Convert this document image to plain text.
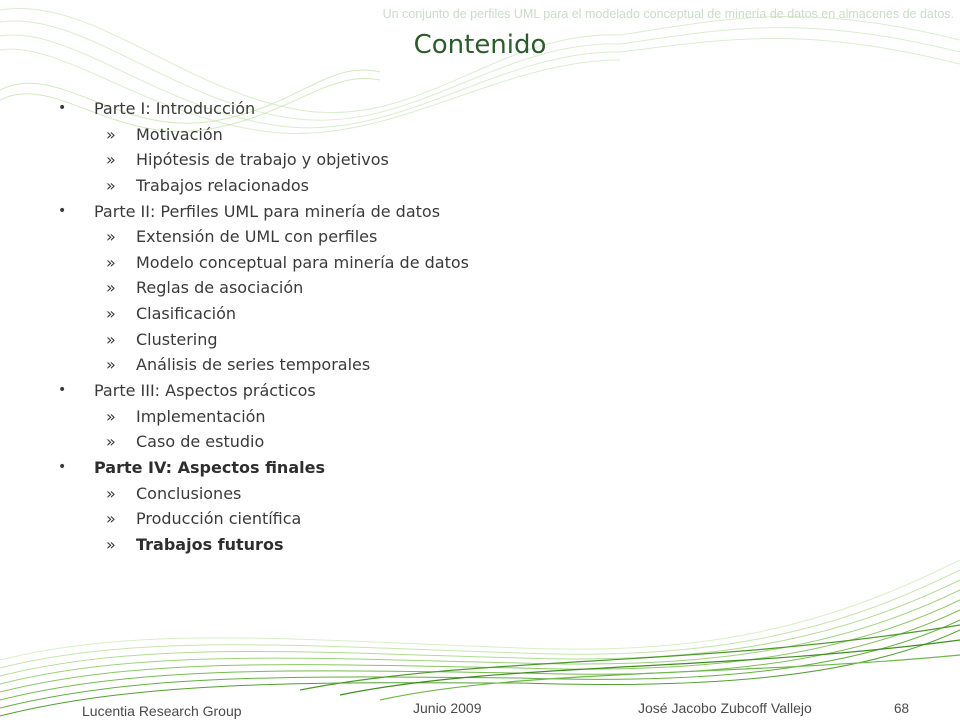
Un conjunto de perfiles UML para el modelado conceptual de minería de datos en almacenes de datos.
Contenido
• Parte I: Introducción
» Motivación
» Hipótesis de trabajo y objetivos
» Trabajos relacionados
• Parte II: Perfiles UML para minería de datos
» Extensión de UML con perfiles
» Modelo conceptual para minería de datos
» Reglas de asociación
» Clasificación
» Clustering
» Análisis de series temporales
• Parte III: Aspectos prácticos
» Implementación
» Caso de estudio
• Parte IV: Aspectos finales
» Conclusiones
» Producción científica
» Trabajos futuros
Lucentia Research Group	Junio 2009	José Jacobo Zubcoff Vallejo	68
